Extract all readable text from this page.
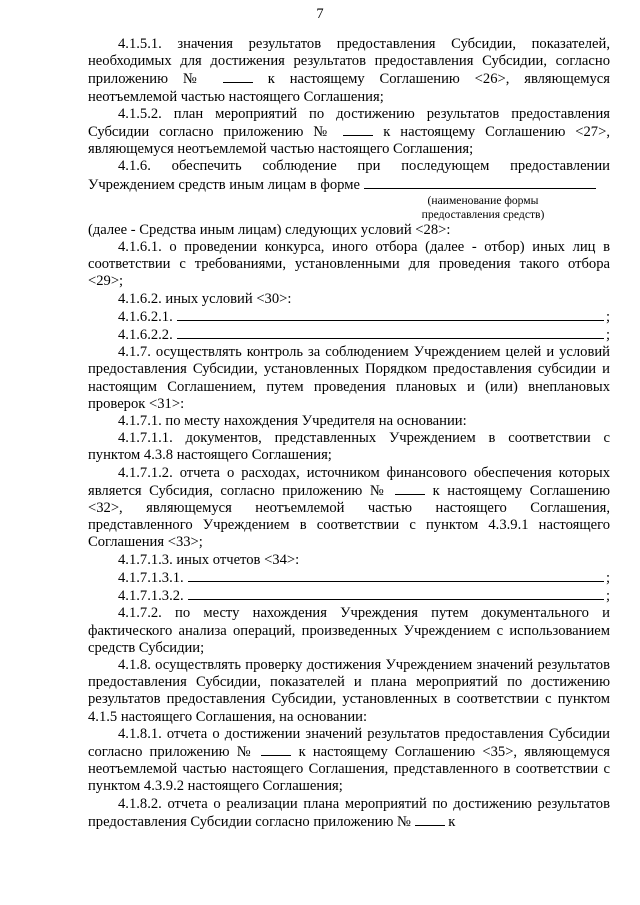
7

4.1.5.1. значения результатов предоставления Субсидии, показателей, необходимых для достижения результатов предоставления Субсидии, согласно приложению №	к настоящему Соглашению <26>, являющемуся неотъемлемой частью настоящего Соглашения;

4.1.5.2. план мероприятий по достижению результатов предоставления Субсидии согласно приложению №	к настоящему Соглашению <27>, являющемуся неотъемлемой частью настоящего Соглашения;

4.1.6. обеспечить соблюдение при последующем предоставлении Учреждением средств иным лицам в форме

(наименование формы предоставления средств)

(далее - Средства иным лицам) следующих условий <28>:

4.1.6.1. о проведении конкурса, иного отбора (далее - отбор) иных лиц в соответствии с требованиями, установленными для проведения такого отбора <29>;

4.1.6.2. иных условий <30>:

4.1.6.2.1.	;
4.1.6.2.2.	;

4.1.7. осуществлять контроль за соблюдением Учреждением целей и условий предоставления Субсидии, установленных Порядком предоставления субсидии и настоящим Соглашением, путем проведения плановых и (или) внеплановых проверок <31>:

4.1.7.1. по месту нахождения Учредителя на основании:

4.1.7.1.1. документов, представленных Учреждением в соответствии с пунктом 4.3.8 настоящего Соглашения;

4.1.7.1.2. отчета о расходах, источником финансового обеспечения которых является Субсидия, согласно приложению №	к настоящему Соглашению <32>, являющемуся неотъемлемой частью настоящего Соглашения, представленного Учреждением в соответствии с пунктом 4.3.9.1 настоящего Соглашения <33>;

4.1.7.1.3. иных отчетов <34>:

4.1.7.1.3.1.	;
4.1.7.1.3.2.	;

4.1.7.2. по месту нахождения Учреждения путем документального и фактического анализа операций, произведенных Учреждением с использованием средств Субсидии;

4.1.8. осуществлять проверку достижения Учреждением значений результатов предоставления Субсидии, показателей и плана мероприятий по достижению результатов предоставления Субсидии, установленных в соответствии с пунктом 4.1.5 настоящего Соглашения, на основании:

4.1.8.1. отчета о достижении значений результатов предоставления Субсидии согласно приложению №	к настоящему Соглашению <35>, являющемуся неотъемлемой частью настоящего Соглашения, представленного в соответствии с пунктом 4.3.9.2 настоящего Соглашения;

4.1.8.2. отчета о реализации плана мероприятий по достижению результатов предоставления Субсидии согласно приложению №	к
